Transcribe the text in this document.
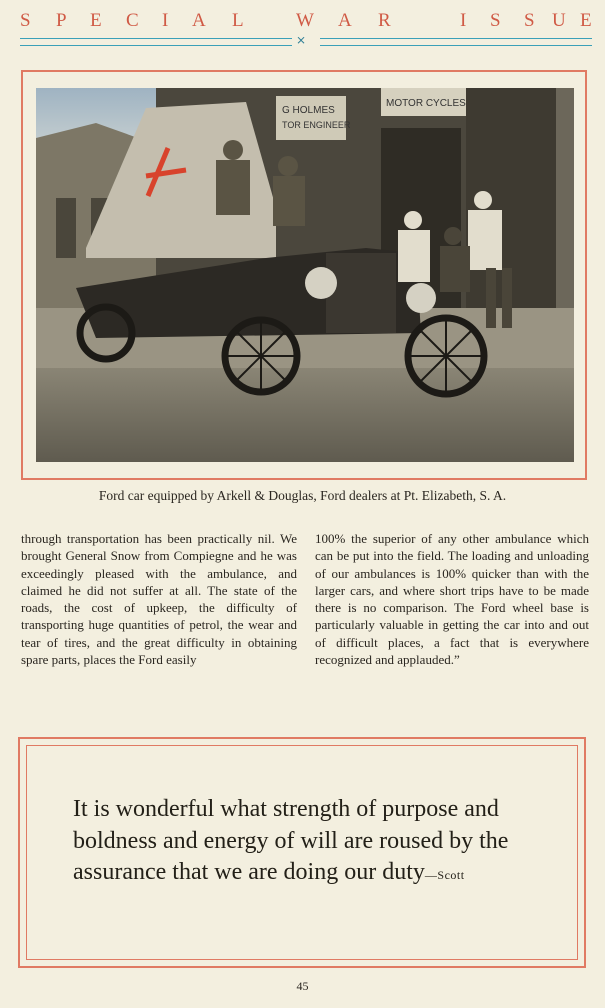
S P E C I A L	W A R	I S S U E
⨯
G HOLMES
TOR ENGINEER
MOTOR CYCLES
Ford car equipped by Arkell & Douglas, Ford dealers at Pt. Elizabeth, S. A.

through transportation has been practically nil. We brought General Snow from Compiegne and he was exceedingly pleased with the ambulance, and claimed he did not suffer at all. The state of the roads, the cost of upkeep, the difficulty of transporting huge quantities of petrol, the wear and tear of tires, and the great difficulty in obtaining spare parts, places the Ford easily

100% the superior of any other ambulance which can be put into the field. The loading and unloading of our ambulances is 100% quicker than with the larger cars, and where short trips have to be made there is no comparison. The Ford wheel base is particularly valuable in getting the car into and out of difficult places, a fact that is everywhere recognized and applauded.”

It is wonderful what strength of purpose and boldness and energy of will are roused by the assurance that we are doing our duty—Scott
45
